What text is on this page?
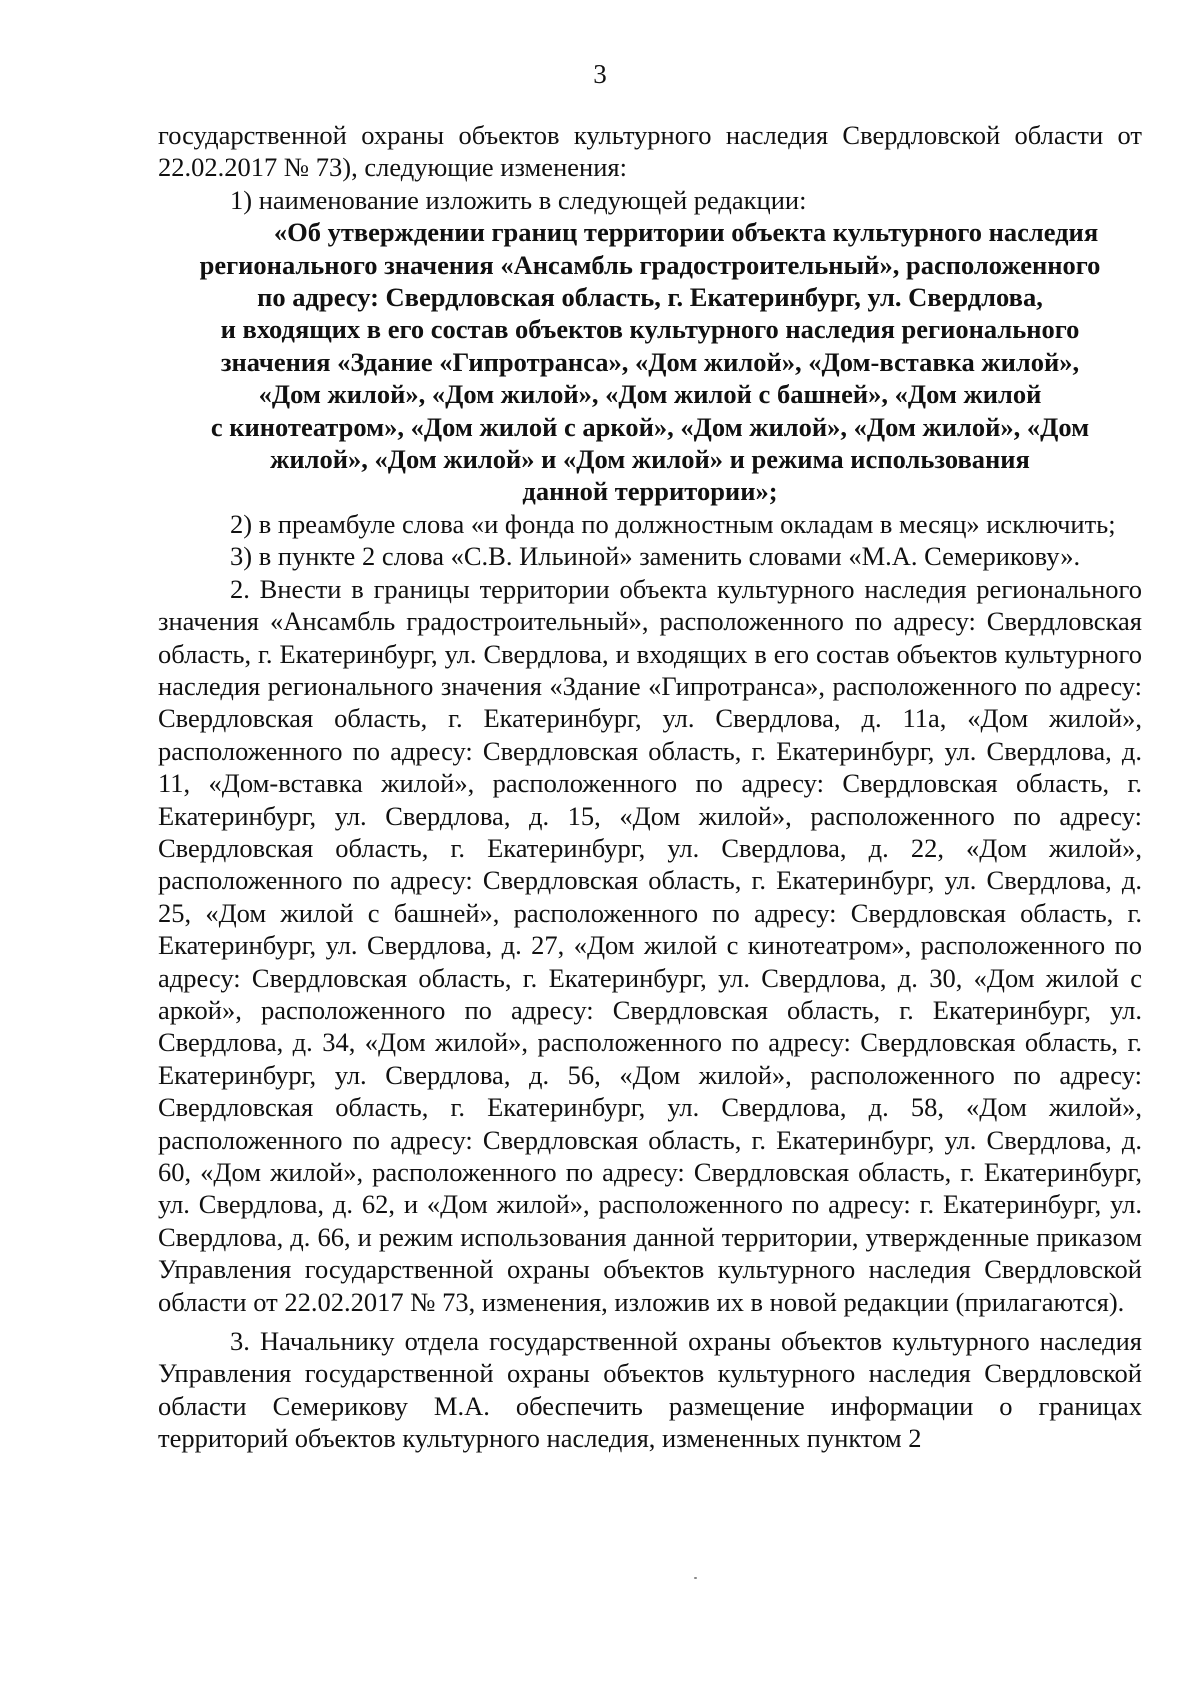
3

государственной охраны объектов культурного наследия Свердловской области от 22.02.2017 № 73), следующие изменения:

1) наименование изложить в следующей редакции:

«Об утверждении границ территории объекта культурного наследия
регионального значения «Ансамбль градостроительный», расположенного
по адресу: Свердловская область, г. Екатеринбург, ул. Свердлова,
и входящих в его состав объектов культурного наследия регионального
значения «Здание «Гипротранса», «Дом жилой», «Дом-вставка жилой»,
«Дом жилой», «Дом жилой», «Дом жилой с башней», «Дом жилой
с кинотеатром», «Дом жилой с аркой», «Дом жилой», «Дом жилой», «Дом
жилой», «Дом жилой» и «Дом жилой» и режима использования
данной территории»;

2) в преамбуле слова «и фонда по должностным окладам в месяц» исключить;

3) в пункте 2 слова «С.В. Ильиной» заменить словами «М.А. Семерикову».

2. Внести в границы территории объекта культурного наследия регионального значения «Ансамбль градостроительный», расположенного по адресу: Свердловская область, г. Екатеринбург, ул. Свердлова, и входящих в его состав объектов культурного наследия регионального значения «Здание «Гипротранса», расположенного по адресу: Свердловская область, г. Екатеринбург, ул. Свердлова, д. 11а, «Дом жилой», расположенного по адресу: Свердловская область, г. Екатеринбург, ул. Свердлова, д. 11, «Дом-вставка жилой», расположенного по адресу: Свердловская область, г. Екатеринбург, ул. Свердлова, д. 15, «Дом жилой», расположенного по адресу: Свердловская область, г. Екатеринбург, ул. Свердлова, д. 22, «Дом жилой», расположенного по адресу: Свердловская область, г. Екатеринбург, ул. Свердлова, д. 25, «Дом жилой с башней», расположенного по адресу: Свердловская область, г. Екатеринбург, ул. Свердлова, д. 27, «Дом жилой с кинотеатром», расположенного по адресу: Свердловская область, г. Екатеринбург, ул. Свердлова, д. 30, «Дом жилой с аркой», расположенного по адресу: Свердловская область, г. Екатеринбург, ул. Свердлова, д. 34, «Дом жилой», расположенного по адресу: Свердловская область, г. Екатеринбург, ул. Свердлова, д. 56, «Дом жилой», расположенного по адресу: Свердловская область, г. Екатеринбург, ул. Свердлова, д. 58, «Дом жилой», расположенного по адресу: Свердловская область, г. Екатеринбург, ул. Свердлова, д. 60, «Дом жилой», расположенного по адресу: Свердловская область, г. Екатеринбург, ул. Свердлова, д. 62, и «Дом жилой», расположенного по адресу: г. Екатеринбург, ул. Свердлова, д. 66, и режим использования данной территории, утвержденные приказом Управления государственной охраны объектов культурного наследия Свердловской области от 22.02.2017 № 73, изменения, изложив их в новой редакции (прилагаются).

3. Начальнику отдела государственной охраны объектов культурного наследия Управления государственной охраны объектов культурного наследия Свердловской области Семерикову М.А. обеспечить размещение информации о границах территорий объектов культурного наследия, измененных пунктом 2
